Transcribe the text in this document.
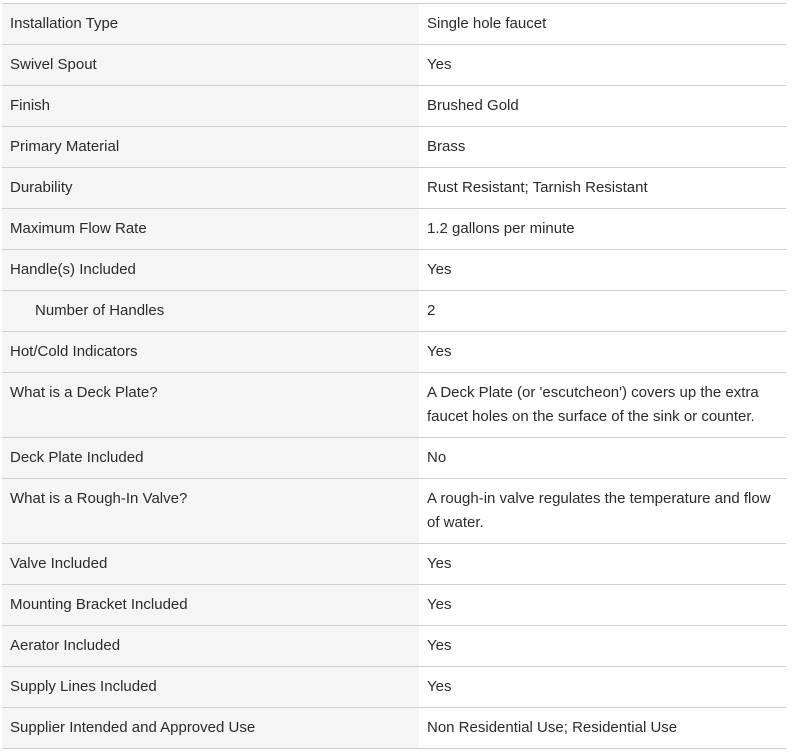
Installation Type	Single hole faucet
Swivel Spout	Yes
Finish	Brushed Gold
Primary Material	Brass
Durability	Rust Resistant; Tarnish Resistant
Maximum Flow Rate	1.2 gallons per minute
Handle(s) Included	Yes
Number of Handles	2
Hot/Cold Indicators	Yes
What is a Deck Plate?	A Deck Plate (or 'escutcheon') covers up the extra faucet holes on the surface of the sink or counter.
Deck Plate Included	No
What is a Rough-In Valve?	A rough-in valve regulates the temperature and flow of water.
Valve Included	Yes
Mounting Bracket Included	Yes
Aerator Included	Yes
Supply Lines Included	Yes
Supplier Intended and Approved Use	Non Residential Use; Residential Use
